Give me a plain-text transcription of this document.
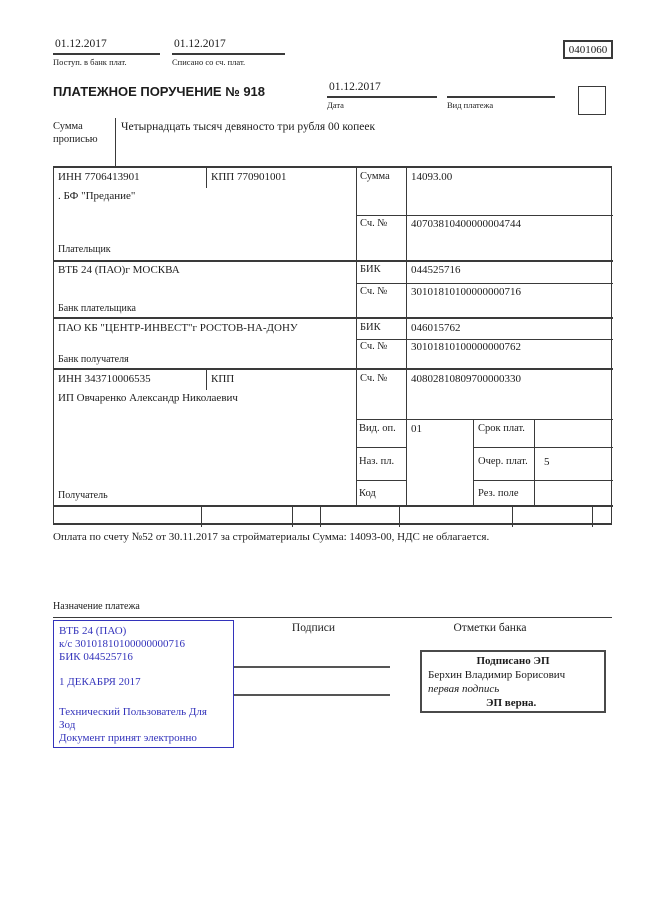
01.12.2017
Поступ. в банк плат.
01.12.2017
Списано со сч. плат.
0401060
ПЛАТЕЖНОЕ ПОРУЧЕНИЕ № 918	01.12.2017
Дата
	Вид платежа
Сумма
прописью
Четырнадцать тысяч девяносто три рубля 00 копеек
ИНН 7706413901	КПП 770901001	Сумма 14093.00
. БФ "Предание"
Плательщик
Сч. № 40703810400000004744
ВТБ 24 (ПАО)г МОСКВА
Банк плательщика
БИК	044525716
Сч. № 30101810100000000716
ПАО КБ "ЦЕНТР-ИНВЕСТ"г РОСТОВ-НА-ДОНУ
Банк получателя
БИК	046015762
Сч. № 30101810100000000762
ИНН 343710006535	КПП	Сч. № 40802810809700000330
ИП Овчаренко Александр Николаевич
Получатель
Вид. оп. 01	Срок плат.
Наз. пл.	Очер. плат. 5
Код	Рез. поле
Оплата по счету №52 от 30.11.2017 за стройматериалы Сумма: 14093-00, НДС не облагается.
Назначение платежа
ВТБ 24 (ПАО)
к/с 30101810100000000716
БИК 044525716
1 ДЕКАБРЯ 2017
Технический Пользователь Для
Зод
Документ принят электронно
Подписи	Отметки банка
Подписано ЭП
Берхин Владимир Борисович
первая подпись
ЭП верна.
